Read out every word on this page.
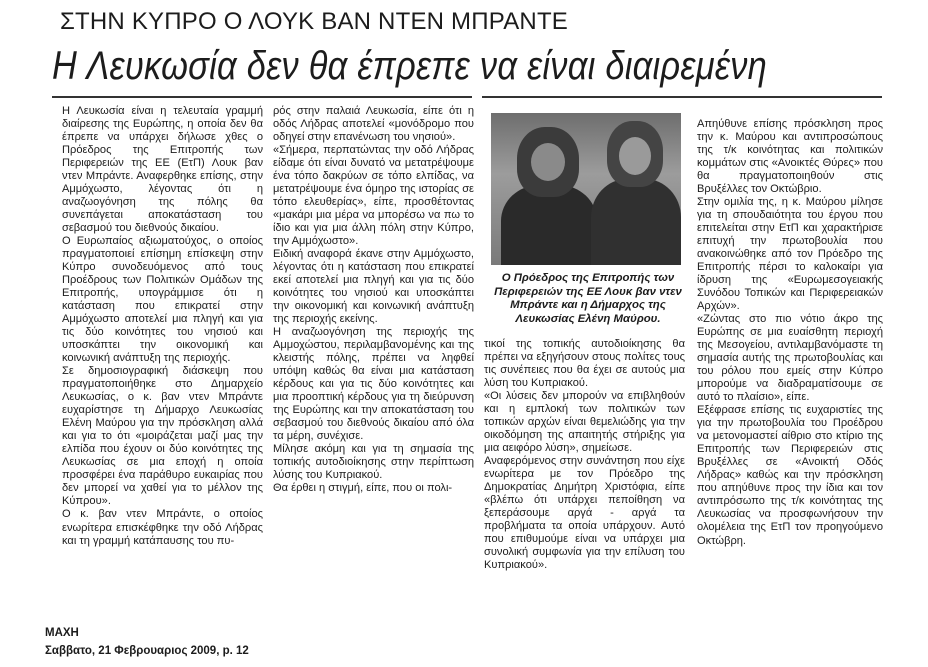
ΣΤΗΝ ΚΥΠΡΟ Ο ΛΟΥΚ ΒΑΝ ΝΤΕΝ ΜΠΡΑΝΤΕ
Η Λευκωσία δεν θα έπρεπε να είναι διαιρεμένη

Η Λευκωσία είναι η τελευταία γραμμή διαίρεσης της Ευρώπης, η οποία δεν θα έπρεπε να υπάρχει δήλωσε χθες ο Πρόεδρος της Επιτροπής των Περιφερειών της ΕΕ (ΕτΠ) Λουκ βαν ντεν Μπράντε. Αναφερθηκε επίσης, στην Αμμόχωστο, λέγοντας ότι η αναζωογόνηση της πόλης θα συνεπάγεται αποκατάσταση του σεβασμού του διεθνούς δικαίου.

Ο Ευρωπαίος αξιωματούχος, ο οποίος πραγματοποιεί επίσημη επίσκεψη στην Κύπρο συνοδευόμενος από τους Προέδρους των Πολιτικών Ομάδων της Επιτροπής, υπογράμμισε ότι η κατάσταση που επικρατεί στην Αμμόχωστο αποτελεί μια πληγή και για τις δύο κοινότητες του νησιού και υποσκάπτει την οικονομική και κοινωνική ανάπτυξη της περιοχής.

Σε δημοσιογραφική διάσκεψη που πραγματοποιήθηκε στο Δημαρχείο Λευκωσίας, ο κ. βαν ντεν Μπράντε ευχαρίστησε τη Δήμαρχο Λευκωσίας Ελένη Μαύρου για την πρόσκληση αλλά και για το ότι «μοιράζεται μαζί μας την ελπίδα που έχουν οι δύο κοινότητες της Λευκωσίας σε μια εποχή η οποία προσφέρει ένα παράθυρο ευκαιρίας που δεν μπορεί να χαθεί για το μέλλον της Κύπρου».

Ο κ. βαν ντεν Μπράντε, ο οποίος ενωρίτερα επισκέφθηκε την οδό Λήδρας και τη γραμμή κατάπαυσης του πυ-

ρός στην παλαιά Λευκωσία, είπε ότι η οδός Λήδρας αποτελεί «μονόδρομο που οδηγεί στην επανένωση του νησιού».

«Σήμερα, περπατώντας την οδό Λήδρας είδαμε ότι είναι δυνατό να μετατρέψουμε ένα τόπο δακρύων σε τόπο ελπίδας, να μετατρέψουμε ένα όμηρο της ιστορίας σε τόπο ελευθερίας», είπε, προσθέτοντας «μακάρι μια μέρα να μπορέσω να πω το ίδιο και για μια άλλη πόλη στην Κύπρο, την Αμμόχωστο».

Ειδική αναφορά έκανε στην Αμμόχωστο, λέγοντας ότι η κατάσταση που επικρατεί εκεί αποτελεί μια πληγή και για τις δύο κοινότητες του νησιού και υποσκάπτει την οικονομική και κοινωνική ανάπτυξη της περιοχής εκείνης.

Η αναζωογόνηση της περιοχής της Αμμοχώστου, περιλαμβανομένης και της κλειστής πόλης, πρέπει να ληφθεί υπόψη καθώς θα είναι μια κατάσταση κέρδους και για τις δύο κοινότητες και μια προοπτική κέρδους για τη διεύρυνση της Ευρώπης και την αποκατάσταση του σεβασμού του διεθνούς δικαίου από όλα τα μέρη, συνέχισε.

Μίλησε ακόμη και για τη σημασία της τοπικής αυτοδιοίκησης στην περίπτωση λύσης του Κυπριακού.

Θα έρθει η στιγμή, είπε, που οι πολι-

Ο Πρόεδρος της Επιτροπής των Περιφερειών της ΕΕ Λουκ βαν ντεν Μπράντε και η Δήμαρχος της Λευκωσίας Ελένη Μαύρου.

τικοί της τοπικής αυτοδιοίκησης θα πρέπει να εξηγήσουν στους πολίτες τους τις συνέπειες που θα έχει σε αυτούς μια λύση του Κυπριακού.

«Οι λύσεις δεν μπορούν να επιβληθούν και η εμπλοκή των πολιτικών των τοπικών αρχών είναι θεμελιώδης για την οικοδόμηση της απαιτητής στήριξης για μια αειφόρο λύση», σημείωσε.

Αναφερόμενος στην συνάντηση που είχε ενωρίτερα με τον Πρόεδρο της Δημοκρατίας Δημήτρη Χριστόφια, είπε «βλέπω ότι υπάρχει πεποίθηση να ξεπεράσουμε αργά - αργά τα προβλήματα τα οποία υπάρχουν. Αυτό που επιθυμούμε είναι να υπάρχει μια συνολική συμφωνία για την επίλυση του Κυπριακού».

Απηύθυνε επίσης πρόσκληση προς την κ. Μαύρου και αντιπροσώπους της τ/κ κοινότητας και πολιτικών κομμάτων στις «Ανοικτές Θύρες» που θα πραγματοποιηθούν στις Βρυξέλλες τον Οκτώβριο.

Στην ομιλία της, η κ. Μαύρου μίλησε για τη σπουδαιότητα του έργου που επιτελείται στην ΕτΠ και χαρακτήρισε επιτυχή την πρωτοβουλία που ανακοινώθηκε από τον Πρόεδρο της Επιτροπής πέρσι το καλοκαίρι για ίδρυση της «Ευρωμεσογειακής Συνόδου Τοπικών και Περιφερειακών Αρχών».

«Ζώντας στο πιο νότιο άκρο της Ευρώπης σε μια ευαίσθητη περιοχή της Μεσογείου, αντιλαμβανόμαστε τη σημασία αυτής της πρωτοβουλίας και του ρόλου που εμείς στην Κύπρο μπορούμε να διαδραματίσουμε σε αυτό το πλαίσιο», είπε.

Εξέφρασε επίσης τις ευχαριστίες της για την πρωτοβουλία του Προέδρου να μετονομαστεί αίθριο στο κτίριο της Επιτροπής των Περιφερειών στις Βρυξέλλες σε «Ανοικτή Οδός Λήδρας» καθώς και την πρόσκληση που απηύθυνε προς την ίδια και τον αντιπρόσωπο της τ/κ κοινότητας της Λευκωσίας να προσφωνήσουν την ολομέλεια της ΕτΠ τον προηγούμενο Οκτώβρη.

ΜΑΧΗ
Σαββατο, 21 Φεβρουαριος 2009, p. 12
